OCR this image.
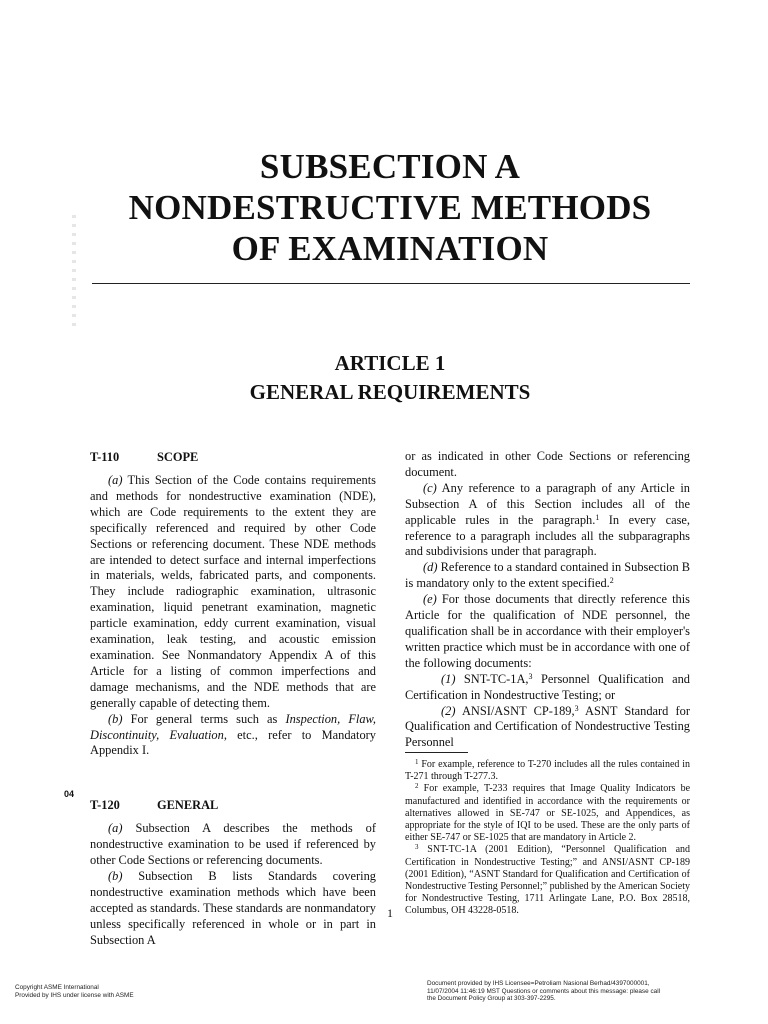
SUBSECTION A
NONDESTRUCTIVE METHODS
OF EXAMINATION
ARTICLE 1
GENERAL REQUIREMENTS
T-110	SCOPE

(a) This Section of the Code contains requirements and methods for nondestructive examination (NDE), which are Code requirements to the extent they are specifically referenced and required by other Code Sections or referencing document. These NDE methods are intended to detect surface and internal imperfections in materials, welds, fabricated parts, and components. They include radiographic examination, ultrasonic examination, liquid penetrant examination, magnetic particle examination, eddy current examination, visual examination, leak testing, and acoustic emission examination. See Nonmandatory Appendix A of this Article for a listing of common imperfections and damage mechanisms, and the NDE methods that are generally capable of detecting them.

(b) For general terms such as Inspection, Flaw, Discontinuity, Evaluation, etc., refer to Mandatory Appendix I.

T-120	GENERAL

(a) Subsection A describes the methods of nondestructive examination to be used if referenced by other Code Sections or referencing documents.

(b) Subsection B lists Standards covering nondestructive examination methods which have been accepted as standards. These standards are nonmandatory unless specifically referenced in whole or in part in Subsection A

04

or as indicated in other Code Sections or referencing document.

(c) Any reference to a paragraph of any Article in Subsection A of this Section includes all of the applicable rules in the paragraph.$^1$ In every case, reference to a paragraph includes all the subparagraphs and subdivisions under that paragraph.

(d) Reference to a standard contained in Subsection B is mandatory only to the extent specified.$^2$

(e) For those documents that directly reference this Article for the qualification of NDE personnel, the qualification shall be in accordance with their employer's written practice which must be in accordance with one of the following documents:

(1) SNT-TC-1A,$^3$ Personnel Qualification and Certification in Nondestructive Testing; or

(2) ANSI/ASNT CP-189,$^3$ ASNT Standard for Qualification and Certification of Nondestructive Testing Personnel

$^1$ For example, reference to T-270 includes all the rules contained in T-271 through T-277.3.

$^2$ For example, T-233 requires that Image Quality Indicators be manufactured and identified in accordance with the requirements or alternatives allowed in SE-747 or SE-1025, and Appendices, as appropriate for the style of IQI to be used. These are the only parts of either SE-747 or SE-1025 that are mandatory in Article 2.

$^3$ SNT-TC-1A (2001 Edition), “Personnel Qualification and Certification in Nondestructive Testing;” and ANSI/ASNT CP-189 (2001 Edition), “ASNT Standard for Qualification and Certification of Nondestructive Testing Personnel;” published by the American Society for Nondestructive Testing, 1711 Arlingate Lane, P.O. Box 28518, Columbus, OH 43228-0518.

1
Copyright ASME International
Provided by IHS under license with ASME
Document provided by IHS Licensee=Petroliam Nasional Berhad/4397000001,
11/07/2004 11:46:19 MST Questions or comments about this message: please call
the Document Policy Group at 303-397-2295.
